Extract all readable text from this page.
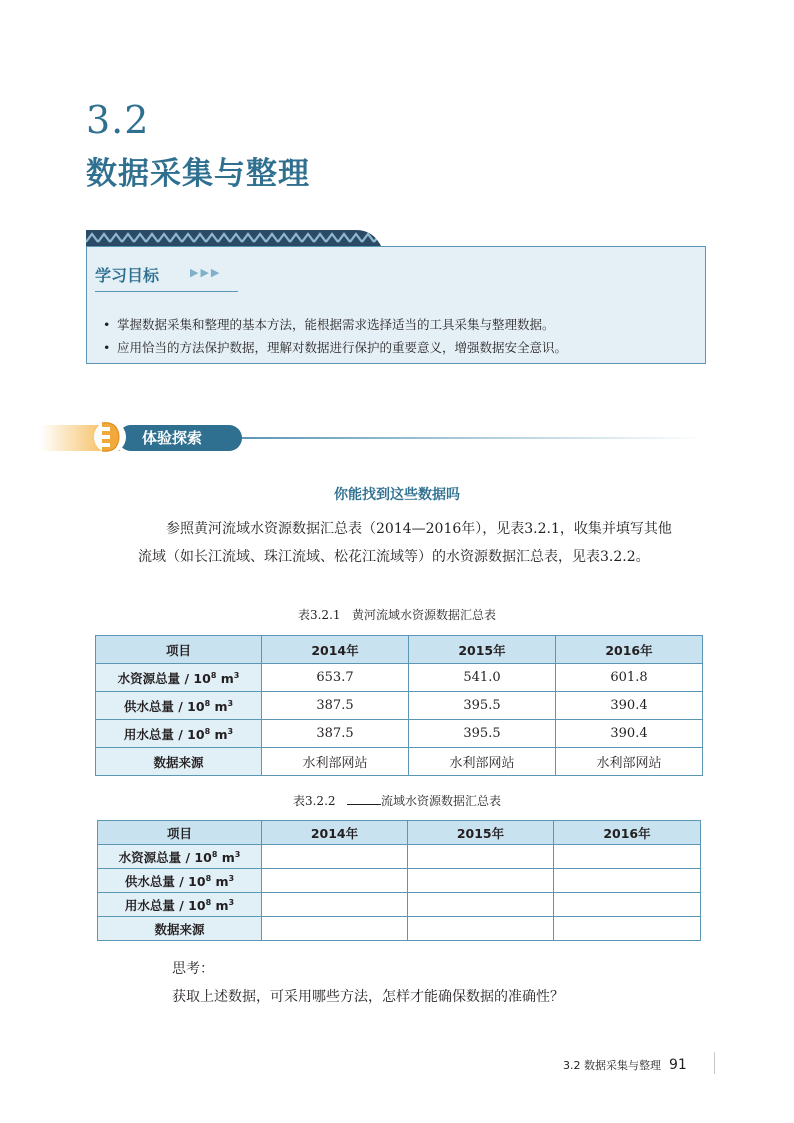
3.2
数据采集与整理
学习目标	▶▶▶
• 掌握数据采集和整理的基本方法，能根据需求选择适当的工具采集与整理数据。
• 应用恰当的方法保护数据，理解对数据进行保护的重要意义，增强数据安全意识。
体验探索
你能找到这些数据吗

参照黄河流域水资源数据汇总表（2014—2016年），见表3.2.1，收集并填写其他流域（如长江流域、珠江流域、松花江流域等）的水资源数据汇总表，见表3.2.2。

表3.2.1 黄河流域水资源数据汇总表
项目	2014年	2015年	2016年
水资源总量 / $10^8$ $m^3$	653.7	541.0	601.8
供水总量 / $10^8$ $m^3$	387.5	395.5	390.4
用水总量 / $10^8$ $m^3$	387.5	395.5	390.4
数据来源	水利部网站	水利部网站	水利部网站
表3.2.2	流域水资源数据汇总表
项目	2014年	2015年	2016年
水资源总量 / $10^8$ $m^3$			
供水总量 / $10^8$ $m^3$			
用水总量 / $10^8$ $m^3$			
数据来源			
思考：
获取上述数据，可采用哪些方法，怎样才能确保数据的准确性？
3.2 数据采集与整理 91
